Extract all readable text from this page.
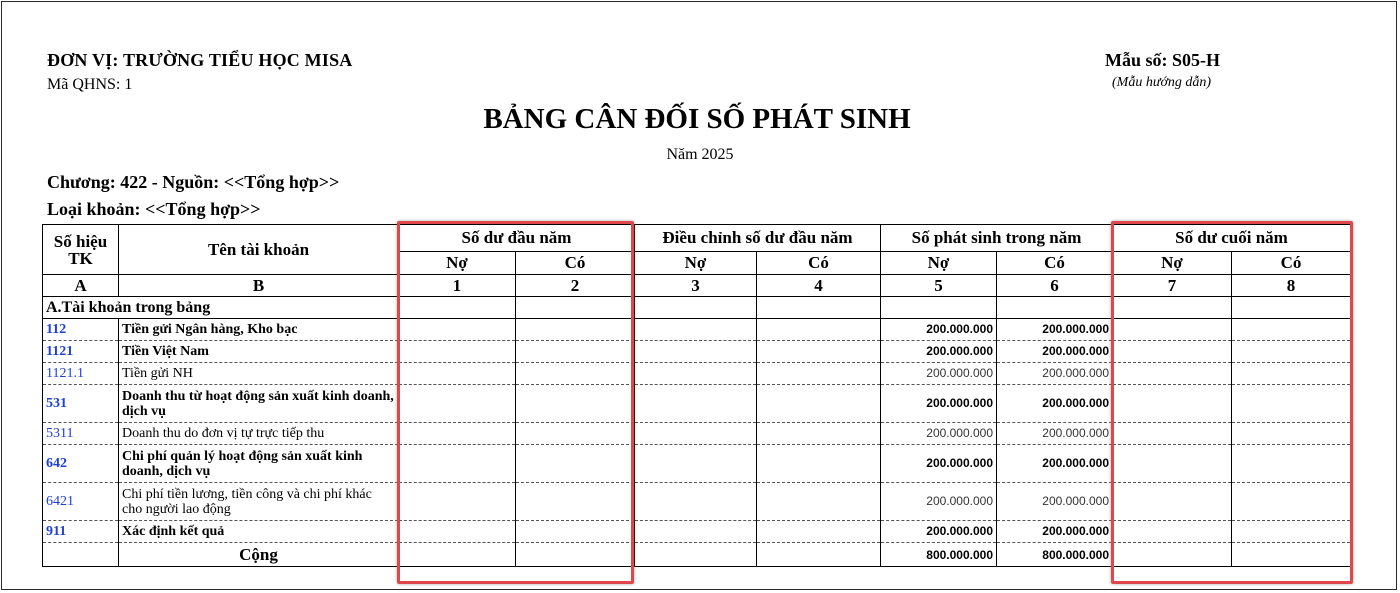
ĐƠN VỊ: TRƯỜNG TIỂU HỌC MISA
Mã QHNS: 1
Mẫu số: S05-H
(Mẫu hướng dẫn)
BẢNG CÂN ĐỐI SỐ PHÁT SINH
Năm 2025
Chương: 422 - Nguồn: <<Tổng hợp>>
Loại khoản: <<Tổng hợp>>
Số hiệu TK	Tên tài khoản	Số dư đầu năm		Điều chỉnh số dư đầu năm		Số phát sinh trong năm		Số dư cuối năm	
		Nợ	Có	Nợ	Có	Nợ	Có	Nợ	Có
A	B	1	2	3	4	5	6	7	8
A.Tài khoản trong bảng									
112	Tiền gửi Ngân hàng, Kho bạc					200.000.000	200.000.000		
1121	Tiền Việt Nam					200.000.000	200.000.000		
1121.1	Tiền gửi NH					200.000.000	200.000.000		
531	Doanh thu từ hoạt động sản xuất kinh doanh, dịch vụ					200.000.000	200.000.000		
5311	Doanh thu do đơn vị tự trực tiếp thu					200.000.000	200.000.000		
642	Chi phí quản lý hoạt động sản xuất kinh doanh, dịch vụ					200.000.000	200.000.000		
6421	Chi phí tiền lương, tiền công và chi phí khác cho người lao động					200.000.000	200.000.000		
911	Xác định kết quả					200.000.000	200.000.000		
	Cộng					800.000.000	800.000.000		
